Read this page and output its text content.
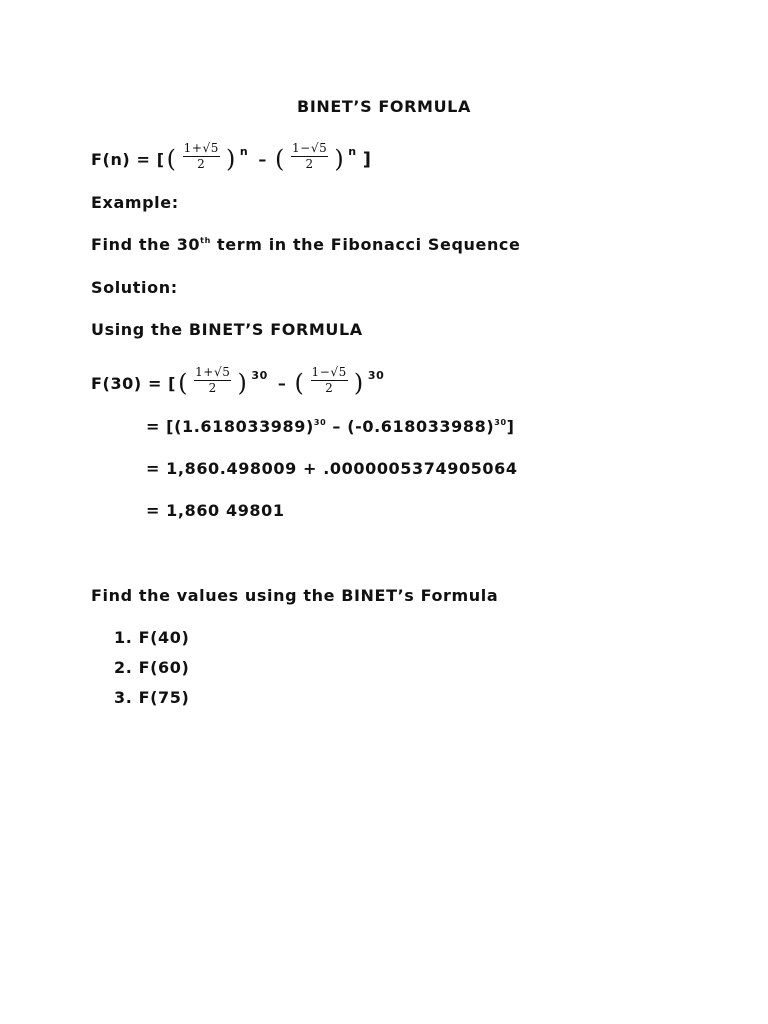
BINET’S FORMULA
F(n) = [ ( $\frac{1+√5}{2}$ ) n – ( $\frac{1-√5}{2}$ ) n ]
Example:
Find the 30th term in the Fibonacci Sequence
Solution:
Using the BINET’S FORMULA
F(30) = [ ( $\frac{1+√5}{2}$ ) 30 – ( $\frac{1-√5}{2}$ ) 30
= $[(1.618033989)^{30} - (-0.618033988)^{30}]$
= 1,860.498009 + .0000005374905064
= 1,860 49801
Find the values using the BINET’s Formula
1. F(40)
2. F(60)
3. F(75)
